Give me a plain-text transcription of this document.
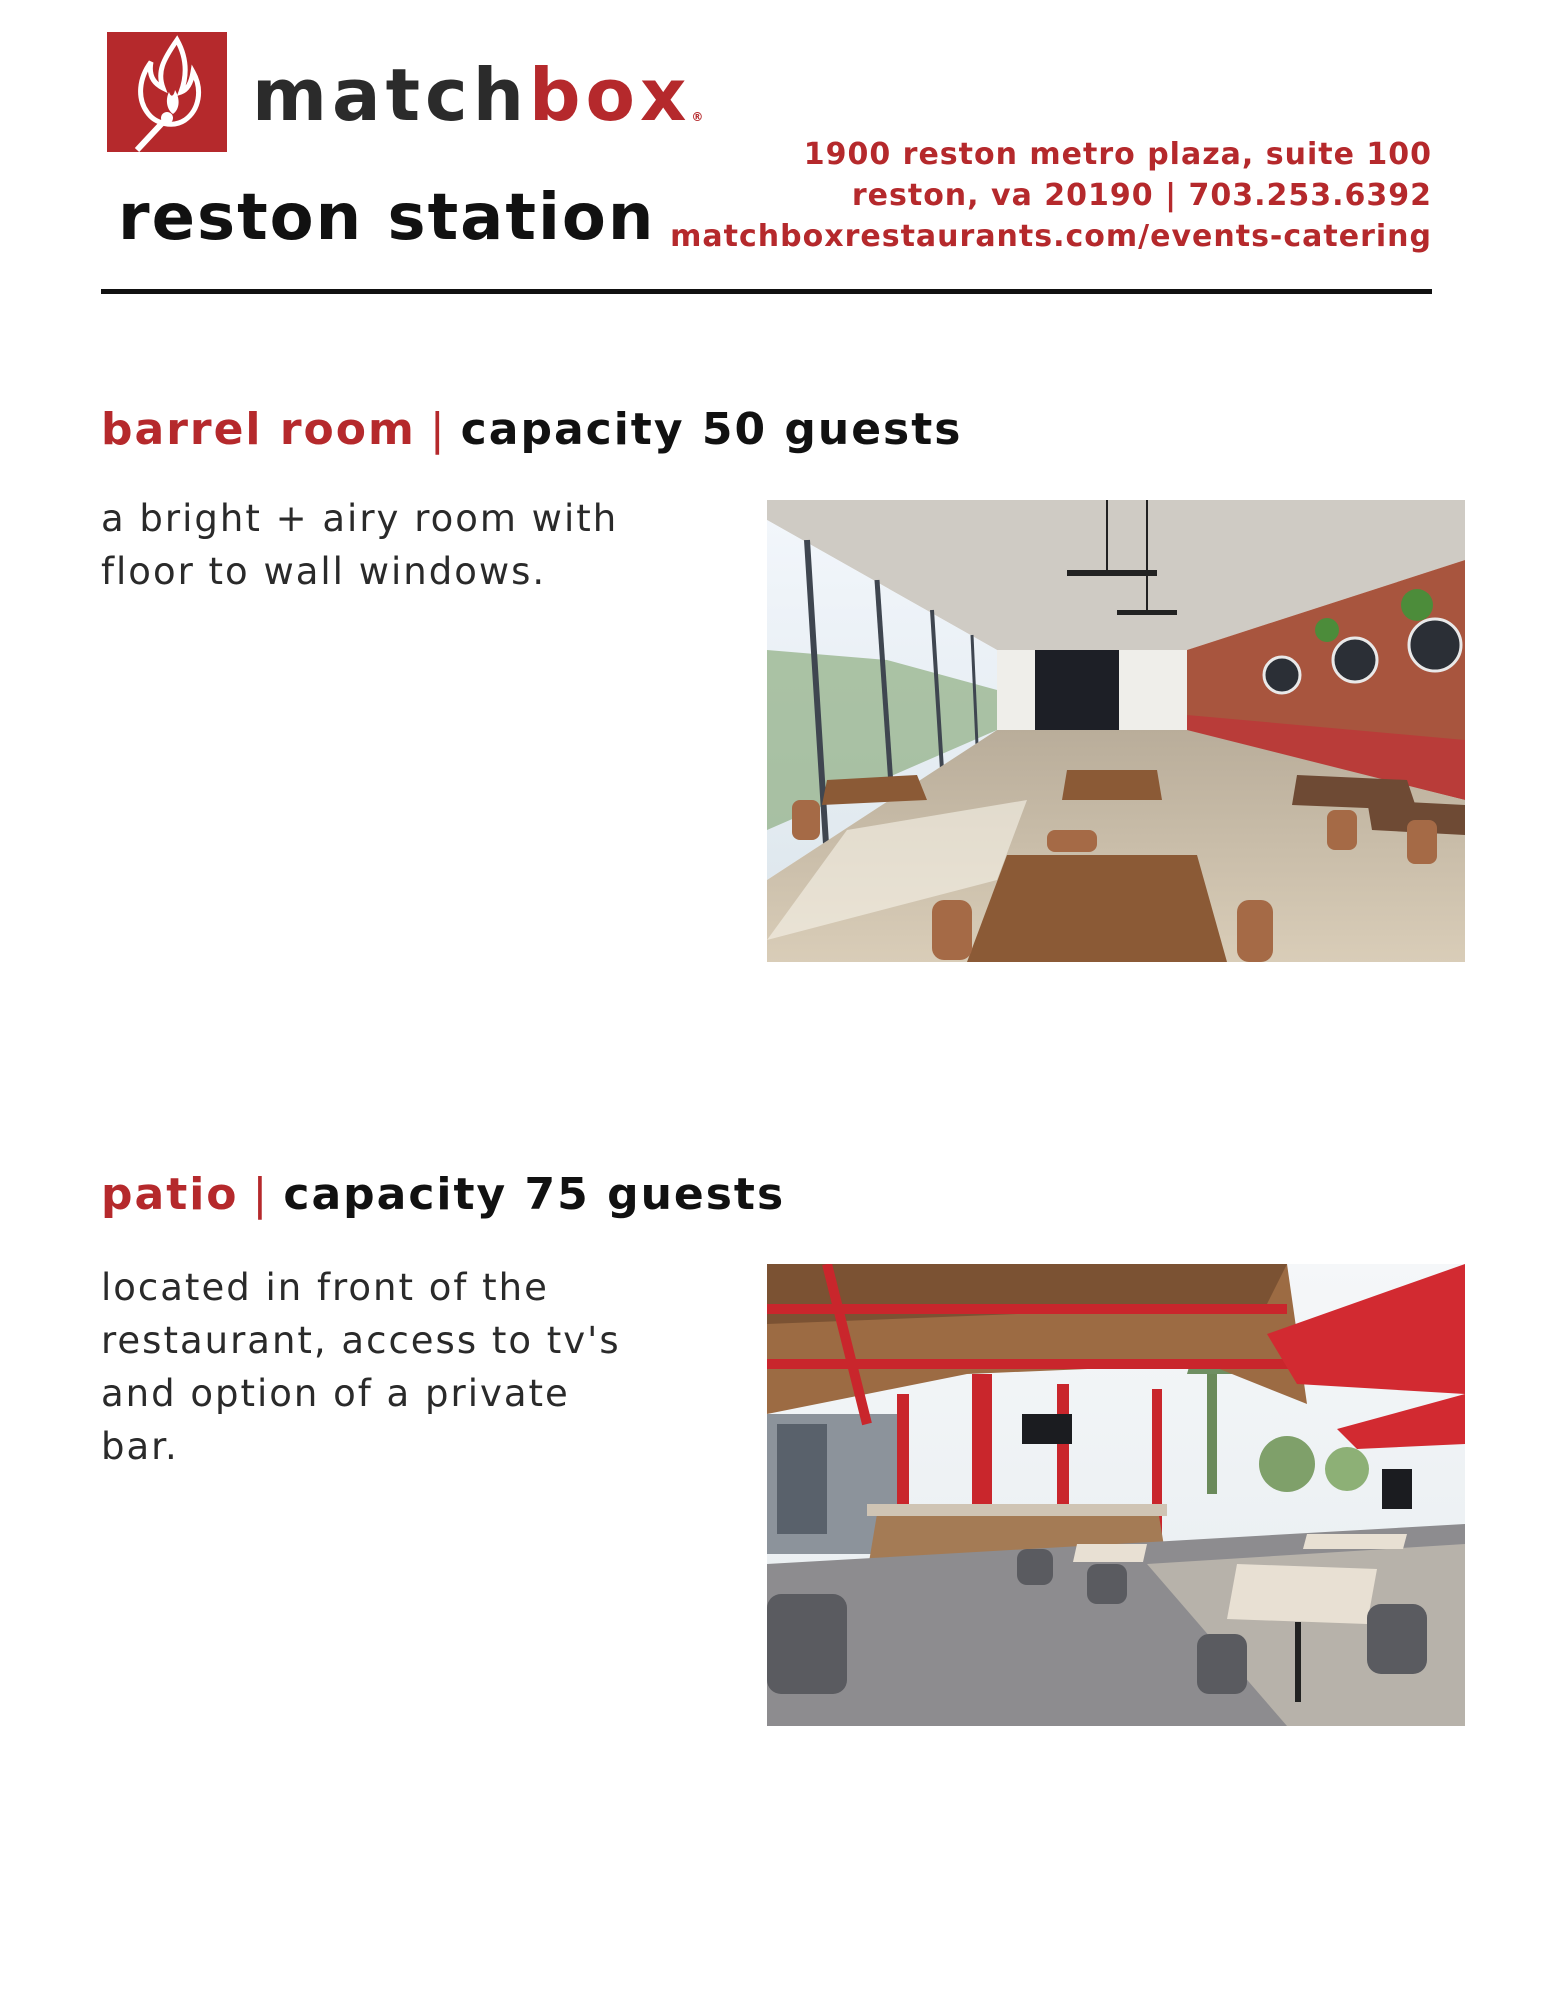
matchbox®
reston station
1900 reston metro plaza, suite 100
reston, va 20190 | 703.253.6392
matchboxrestaurants.com/events-catering
barrel room | capacity 50 guests
a bright + airy room with floor to wall windows.
patio | capacity 75 guests
located in front of the restaurant, access to tv's and option of a private bar.
